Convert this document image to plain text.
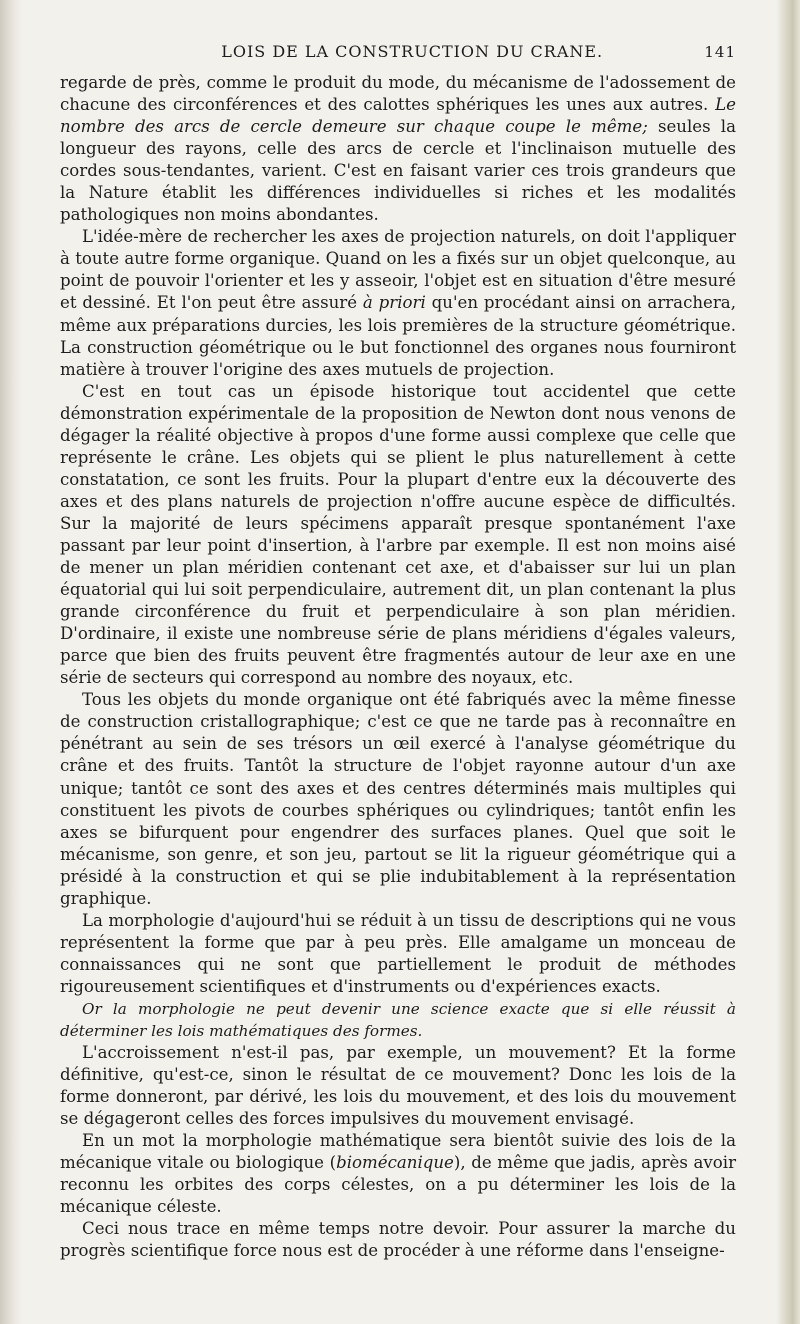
LOIS DE LA CONSTRUCTION DU CRANE.	141

regarde de près, comme le produit du mode, du mécanisme de l'adossement de chacune des circonférences et des calottes sphériques les unes aux autres. Le nombre des arcs de cercle demeure sur chaque coupe le même; seules la longueur des rayons, celle des arcs de cercle et l'inclinaison mutuelle des cordes sous-tendantes, varient. C'est en faisant varier ces trois grandeurs que la Nature établit les différences individuelles si riches et les modalités pathologiques non moins abondantes.

L'idée-mère de rechercher les axes de projection naturels, on doit l'appliquer à toute autre forme organique. Quand on les a fixés sur un objet quelconque, au point de pouvoir l'orienter et les y asseoir, l'objet est en situation d'être mesuré et dessiné. Et l'on peut être assuré à priori qu'en procédant ainsi on arrachera, même aux préparations durcies, les lois premières de la structure géométrique. La construction géométrique ou le but fonctionnel des organes nous fourniront matière à trouver l'origine des axes mutuels de projection.

C'est en tout cas un épisode historique tout accidentel que cette démonstration expérimentale de la proposition de Newton dont nous venons de dégager la réalité objective à propos d'une forme aussi complexe que celle que représente le crâne. Les objets qui se plient le plus naturellement à cette constatation, ce sont les fruits. Pour la plupart d'entre eux la découverte des axes et des plans naturels de projection n'offre aucune espèce de difficultés. Sur la majorité de leurs spécimens apparaît presque spontanément l'axe passant par leur point d'insertion, à l'arbre par exemple. Il est non moins aisé de mener un plan méridien contenant cet axe, et d'abaisser sur lui un plan équatorial qui lui soit perpendiculaire, autrement dit, un plan contenant la plus grande circonférence du fruit et perpendiculaire à son plan méridien. D'ordinaire, il existe une nombreuse série de plans méridiens d'égales valeurs, parce que bien des fruits peuvent être fragmentés autour de leur axe en une série de secteurs qui correspond au nombre des noyaux, etc.

Tous les objets du monde organique ont été fabriqués avec la même finesse de construction cristallographique; c'est ce que ne tarde pas à reconnaître en pénétrant au sein de ses trésors un œil exercé à l'analyse géométrique du crâne et des fruits. Tantôt la structure de l'objet rayonne autour d'un axe unique; tantôt ce sont des axes et des centres déterminés mais multiples qui constituent les pivots de courbes sphériques ou cylindriques; tantôt enfin les axes se bifurquent pour engendrer des surfaces planes. Quel que soit le mécanisme, son genre, et son jeu, partout se lit la rigueur géométrique qui a présidé à la construction et qui se plie indubitablement à la représentation graphique.

La morphologie d'aujourd'hui se réduit à un tissu de descriptions qui ne vous représentent la forme que par à peu près. Elle amalgame un monceau de connaissances qui ne sont que partiellement le produit de méthodes rigoureusement scientifiques et d'instruments ou d'expériences exacts.

Or la morphologie ne peut devenir une science exacte que si elle réussit à déterminer les lois mathématiques des formes.

L'accroissement n'est-il pas, par exemple, un mouvement? Et la forme définitive, qu'est-ce, sinon le résultat de ce mouvement? Donc les lois de la forme donneront, par dérivé, les lois du mouvement, et des lois du mouvement se dégageront celles des forces impulsives du mouvement envisagé.

En un mot la morphologie mathématique sera bientôt suivie des lois de la mécanique vitale ou biologique (biomécanique), de même que jadis, après avoir reconnu les orbites des corps célestes, on a pu déterminer les lois de la mécanique céleste.

Ceci nous trace en même temps notre devoir. Pour assurer la marche du progrès scientifique force nous est de procéder à une réforme dans l'enseigne-
